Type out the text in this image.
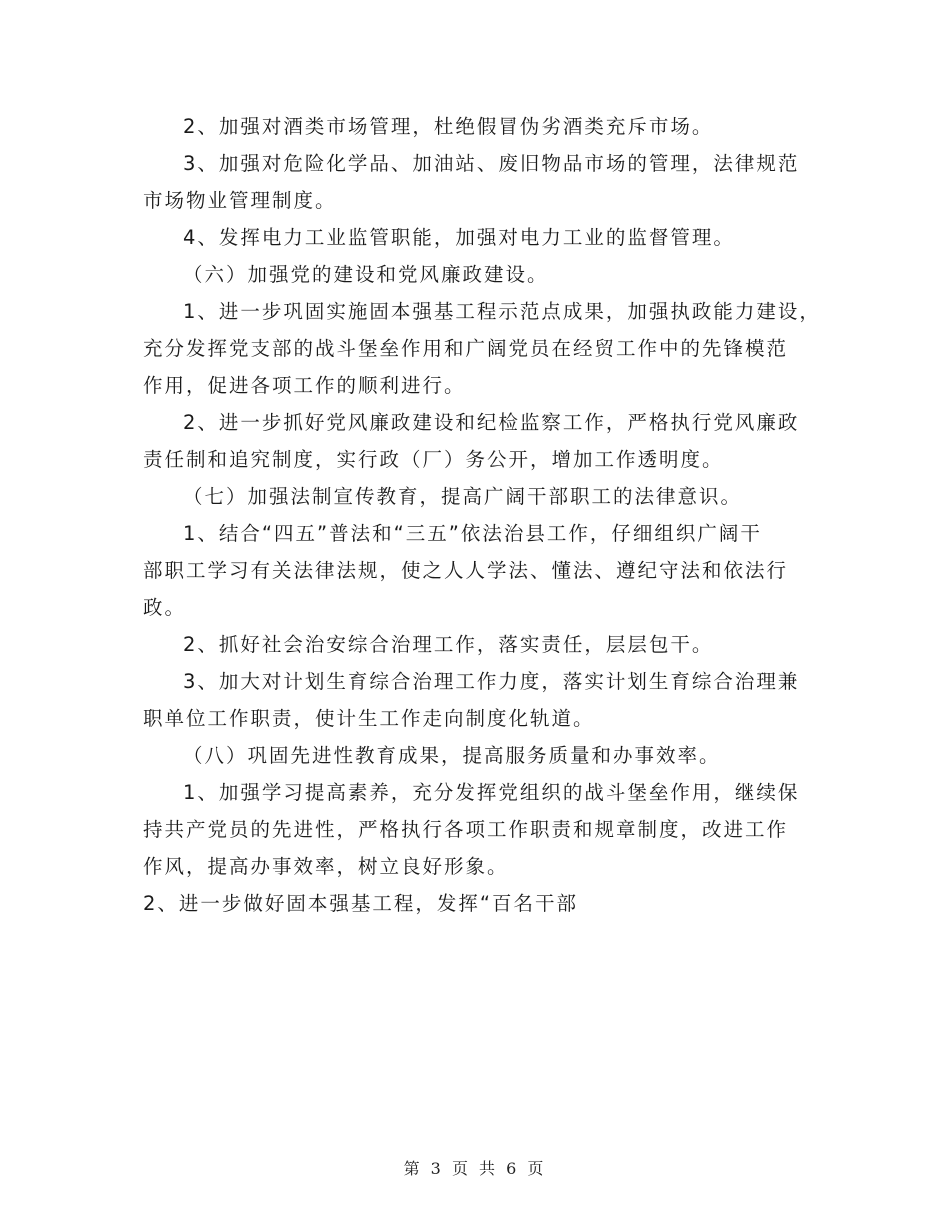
2、加强对酒类市场管理，杜绝假冒伪劣酒类充斥市场。
3、加强对危险化学品、加油站、废旧物品市场的管理，法律规范
市场物业管理制度。
4、发挥电力工业监管职能，加强对电力工业的监督管理。
（六）加强党的建设和党风廉政建设。
1、进一步巩固实施固本强基工程示范点成果，加强执政能力建设，
充分发挥党支部的战斗堡垒作用和广阔党员在经贸工作中的先锋模范
作用，促进各项工作的顺利进行。
2、进一步抓好党风廉政建设和纪检监察工作，严格执行党风廉政
责任制和追究制度，实行政（厂）务公开，增加工作透明度。
（七）加强法制宣传教育，提高广阔干部职工的法律意识。
1、结合“四五”普法和“三五”依法治县工作，仔细组织广阔干
部职工学习有关法律法规，使之人人学法、懂法、遵纪守法和依法行
政。
2、抓好社会治安综合治理工作，落实责任，层层包干。
3、加大对计划生育综合治理工作力度，落实计划生育综合治理兼
职单位工作职责，使计生工作走向制度化轨道。
（八）巩固先进性教育成果，提高服务质量和办事效率。
1、加强学习提高素养，充分发挥党组织的战斗堡垒作用，继续保
持共产党员的先进性，严格执行各项工作职责和规章制度，改进工作
作风，提高办事效率，树立良好形象。
2、进一步做好固本强基工程，发挥“百名干部
第 3 页 共 6 页
